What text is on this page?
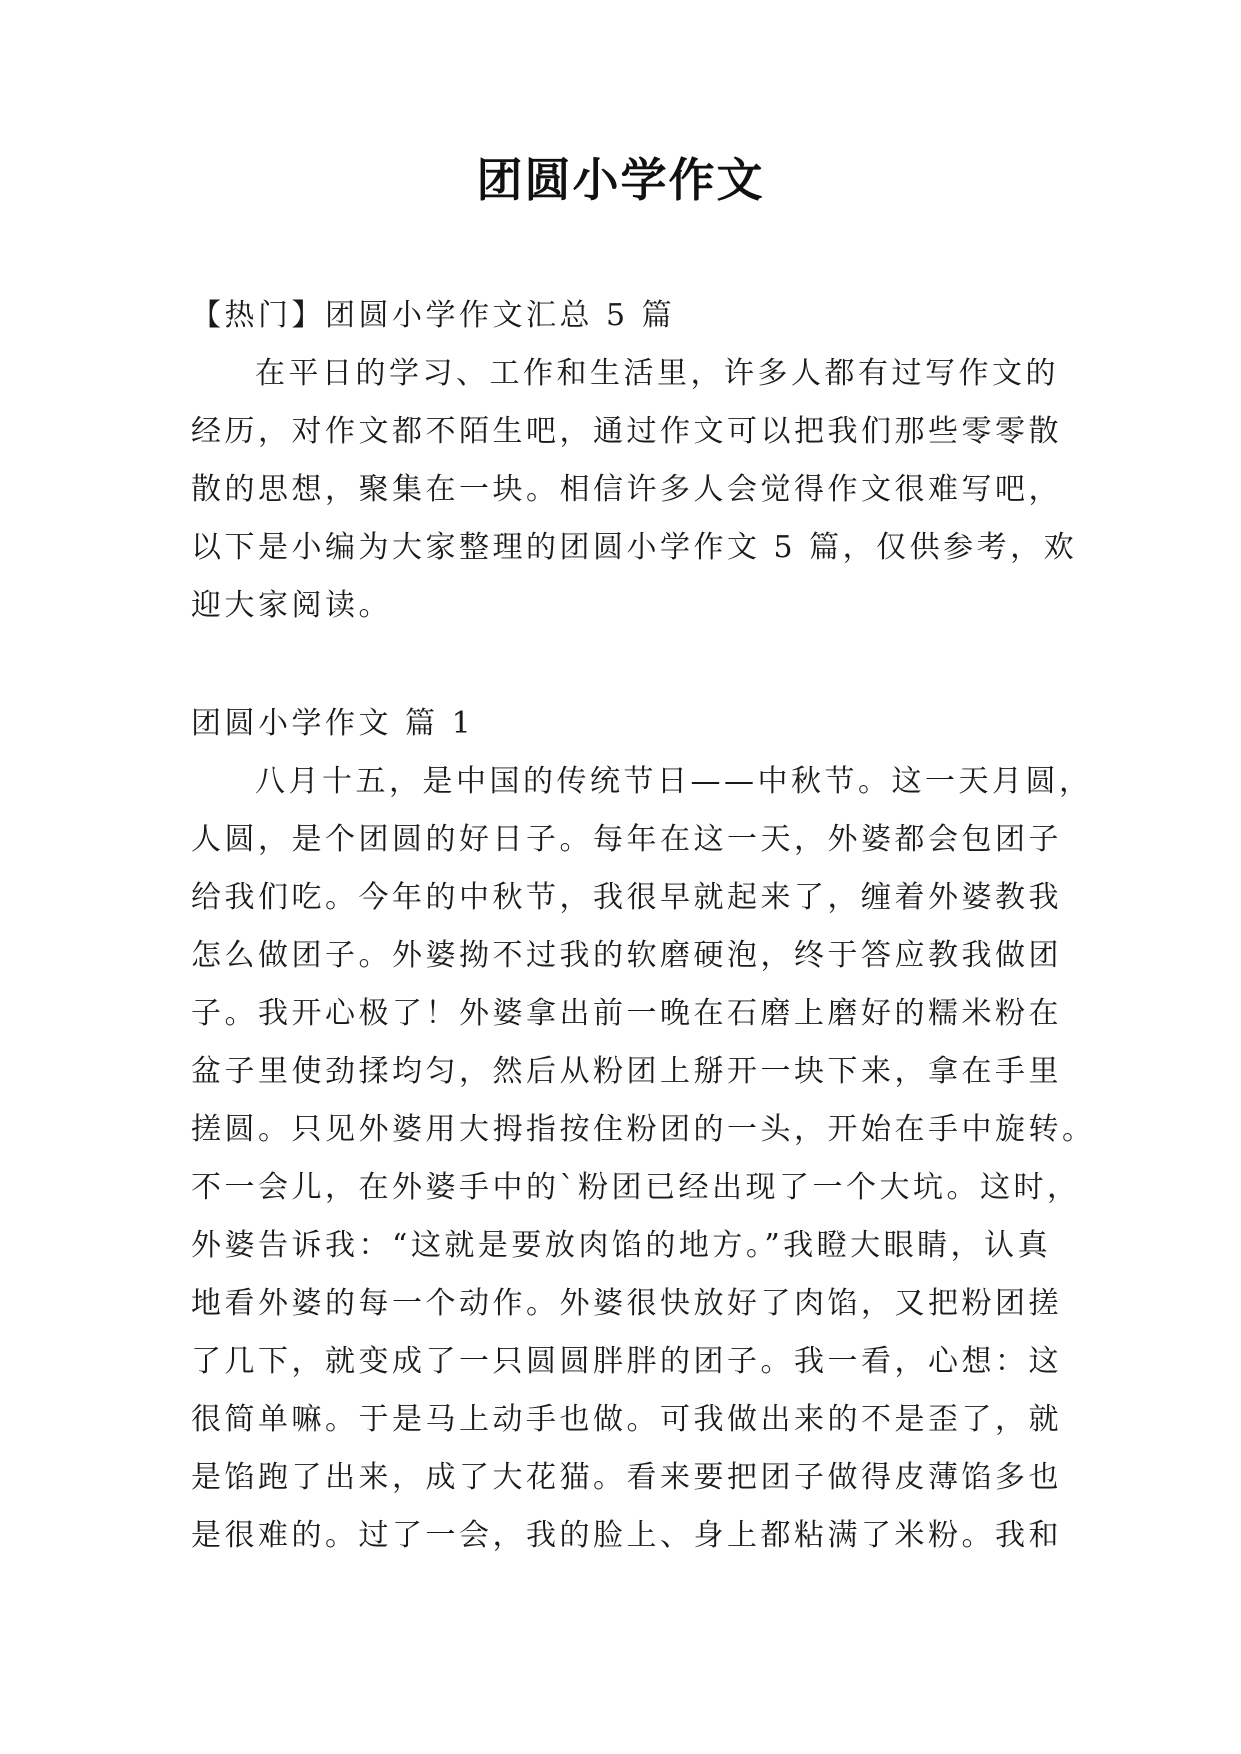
团圆小学作文

【热门】团圆小学作文汇总 5 篇

在平日的学习、工作和生活里，许多人都有过写作文的

经历，对作文都不陌生吧，通过作文可以把我们那些零零散

散的思想，聚集在一块。相信许多人会觉得作文很难写吧，

以下是小编为大家整理的团圆小学作文 5 篇，仅供参考，欢

迎大家阅读。

团圆小学作文 篇 1

八月十五，是中国的传统节日——中秋节。这一天月圆，

人圆，是个团圆的好日子。每年在这一天，外婆都会包团子

给我们吃。今年的中秋节，我很早就起来了，缠着外婆教我

怎么做团子。外婆拗不过我的软磨硬泡，终于答应教我做团

子。我开心极了！外婆拿出前一晚在石磨上磨好的糯米粉在

盆子里使劲揉均匀，然后从粉团上掰开一块下来，拿在手里

搓圆。只见外婆用大拇指按住粉团的一头，开始在手中旋转。

不一会儿，在外婆手中的`粉团已经出现了一个大坑。这时，

外婆告诉我：“这就是要放肉馅的地方。”我瞪大眼睛，认真

地看外婆的每一个动作。外婆很快放好了肉馅，又把粉团搓

了几下，就变成了一只圆圆胖胖的团子。我一看，心想：这

很简单嘛。于是马上动手也做。可我做出来的不是歪了，就

是馅跑了出来，成了大花猫。看来要把团子做得皮薄馅多也

是很难的。过了一会，我的脸上、身上都粘满了米粉。我和
